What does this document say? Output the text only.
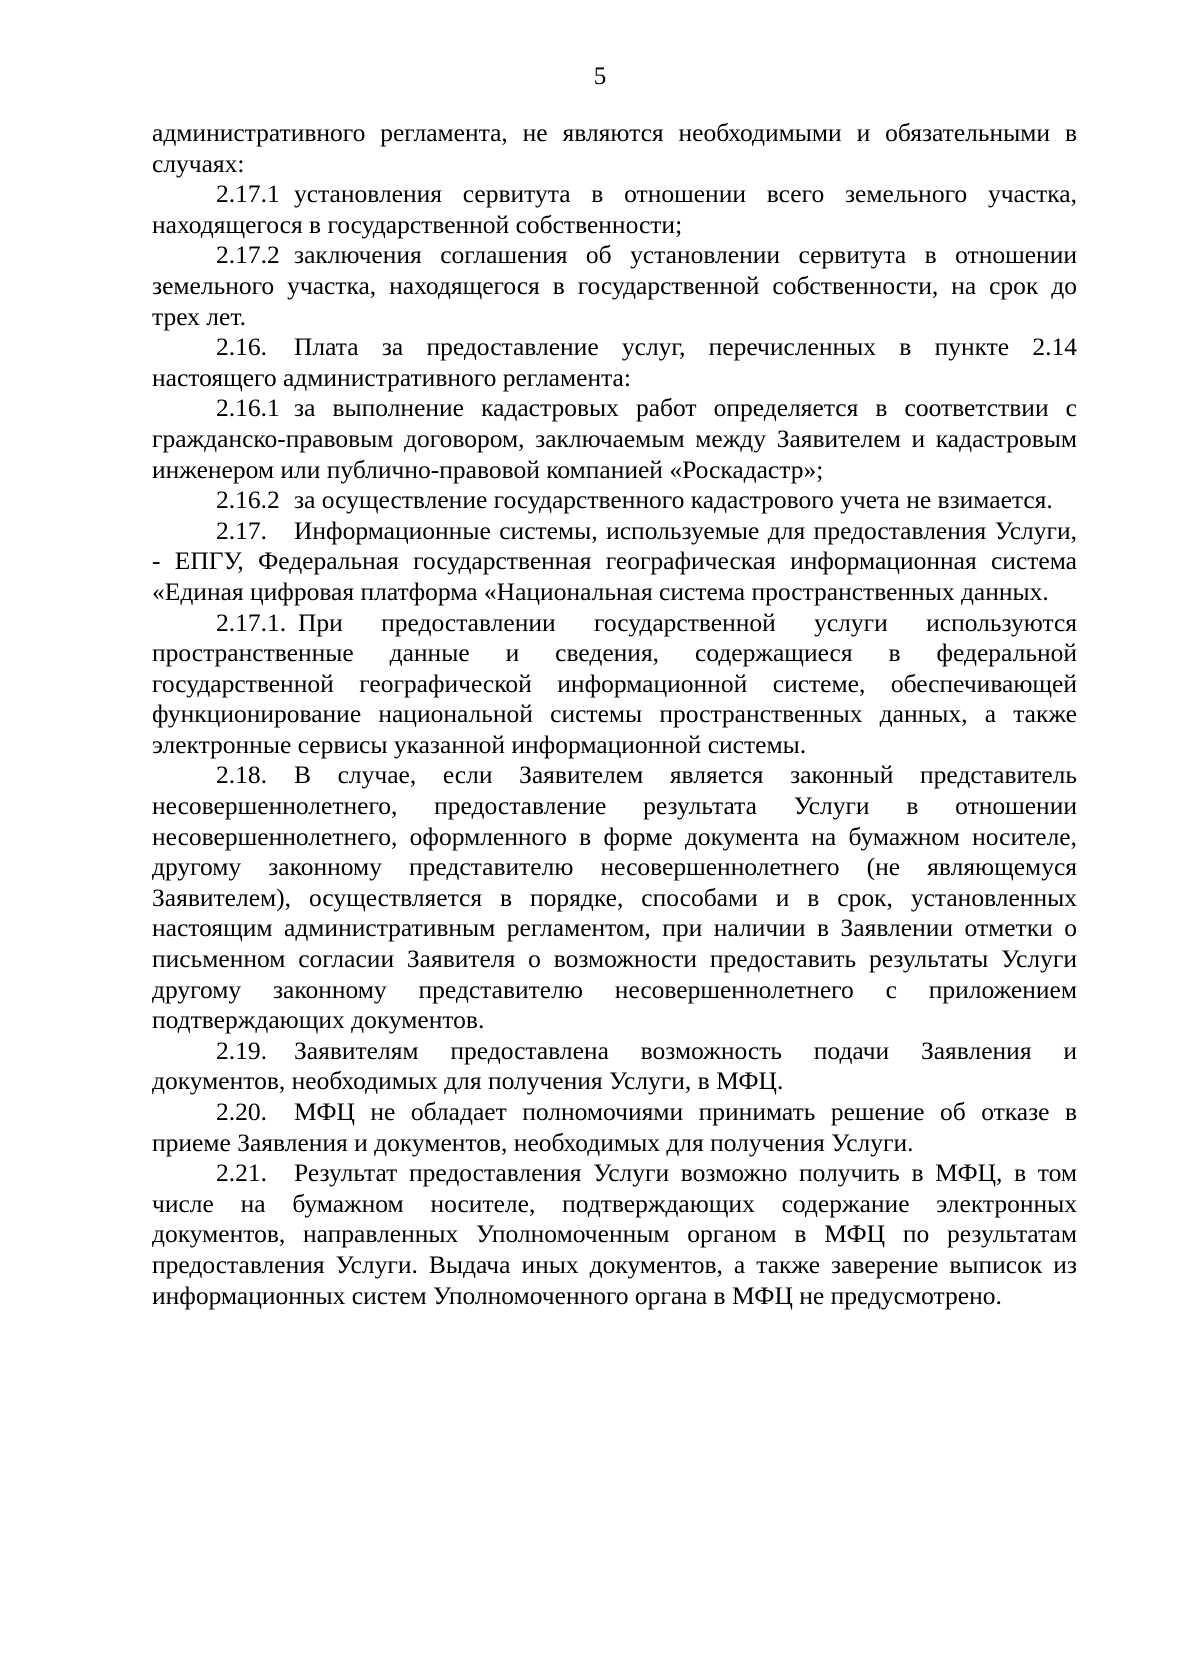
5

административного регламента, не являются необходимыми и обязательными в случаях:

2.17.1 установления сервитута в отношении всего земельного участка, находящегося в государственной собственности;

2.17.2 заключения соглашения об установлении сервитута в отношении земельного участка, находящегося в государственной собственности, на срок до трех лет.

2.16. Плата за предоставление услуг, перечисленных в пункте 2.14 настоящего административного регламента:

2.16.1 за выполнение кадастровых работ определяется в соответствии с гражданско-правовым договором, заключаемым между Заявителем и кадастровым инженером или публично-правовой компанией «Роскадастр»;

2.16.2 за осуществление государственного кадастрового учета не взимается.

2.17. Информационные системы, используемые для предоставления Услуги, - ЕПГУ, Федеральная государственная географическая информационная система «Единая цифровая платформа «Национальная система пространственных данных.

2.17.1. При предоставлении государственной услуги используются пространственные данные и сведения, содержащиеся в федеральной государственной географической информационной системе, обеспечивающей функционирование национальной системы пространственных данных, а также электронные сервисы указанной информационной системы.

2.18. В случае, если Заявителем является законный представитель несовершеннолетнего, предоставление результата Услуги в отношении несовершеннолетнего, оформленного в форме документа на бумажном носителе, другому законному представителю несовершеннолетнего (не являющемуся Заявителем), осуществляется в порядке, способами и в срок, установленных настоящим административным регламентом, при наличии в Заявлении отметки о письменном согласии Заявителя о возможности предоставить результаты Услуги другому законному представителю несовершеннолетнего с приложением подтверждающих документов.

2.19. Заявителям предоставлена возможность подачи Заявления и документов, необходимых для получения Услуги, в МФЦ.

2.20. МФЦ не обладает полномочиями принимать решение об отказе в приеме Заявления и документов, необходимых для получения Услуги.

2.21. Результат предоставления Услуги возможно получить в МФЦ, в том числе на бумажном носителе, подтверждающих содержание электронных документов, направленных Уполномоченным органом в МФЦ по результатам предоставления Услуги. Выдача иных документов, а также заверение выписок из информационных систем Уполномоченного органа в МФЦ не предусмотрено.
